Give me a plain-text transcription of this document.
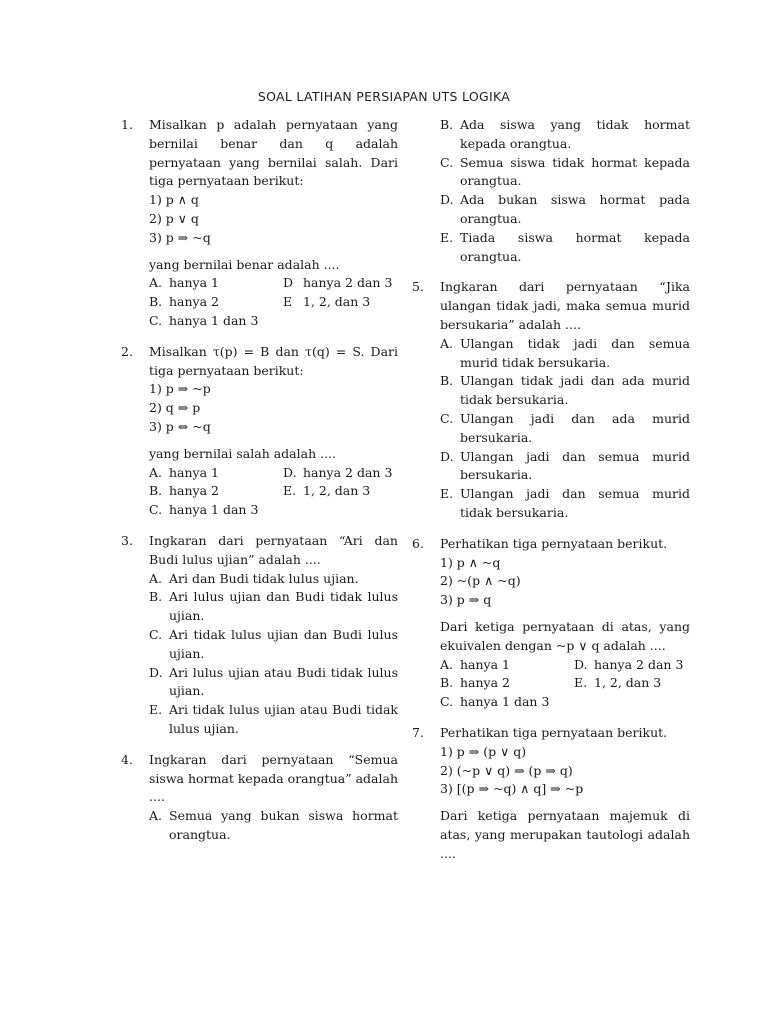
SOAL LATIHAN PERSIAPAN UTS LOGIKA
1. Misalkan p adalah pernyataan yang bernilai benar dan q adalah pernyataan yang bernilai salah. Dari tiga pernyataan berikut:
1) p ∧ q
2) p ∨ q
3) p ⇒ ~q
yang bernilai benar adalah ....
A. hanya 1	D hanya 2 dan 3
B. hanya 2	E 1, 2, dan 3
C. hanya 1 dan 3
2. Misalkan τ(p) = B dan τ(q) = S. Dari tiga pernyataan berikut:
1) p ⇒ ~p
2) q ⇒ p
3) p ⇔ ~q
yang bernilai salah adalah ....
A. hanya 1	D. hanya 2 dan 3
B. hanya 2	E. 1, 2, dan 3
C. hanya 1 dan 3
3. Ingkaran dari pernyataan “Ari dan Budi lulus ujian” adalah ....
A. Ari dan Budi tidak lulus ujian.
B. Ari lulus ujian dan Budi tidak lulus ujian.
C. Ari tidak lulus ujian dan Budi lulus ujian.
D. Ari lulus ujian atau Budi tidak lulus ujian.
E. Ari tidak lulus ujian atau Budi tidak lulus ujian.
4. Ingkaran dari pernyataan “Semua siswa hormat kepada orangtua” adalah ....
A. Semua yang bukan siswa hormat orangtua.
B. Ada siswa yang tidak hormat kepada orangtua.
C. Semua siswa tidak hormat kepada orangtua.
D. Ada bukan siswa hormat pada orangtua.
E. Tiada siswa hormat kepada orangtua.
5. Ingkaran dari pernyataan “Jika ulangan tidak jadi, maka semua murid bersukaria” adalah ....
A. Ulangan tidak jadi dan semua murid tidak bersukaria.
B. Ulangan tidak jadi dan ada murid tidak bersukaria.
C. Ulangan jadi dan ada murid bersukaria.
D. Ulangan jadi dan semua murid bersukaria.
E. Ulangan jadi dan semua murid tidak bersukaria.
6. Perhatikan tiga pernyataan berikut.
1) p ∧ ~q
2) ~(p ∧ ~q)
3) p ⇒ q
Dari ketiga pernyataan di atas, yang ekuivalen dengan ~p ∨ q adalah ....
A. hanya 1	D. hanya 2 dan 3
B. hanya 2	E. 1, 2, dan 3
C. hanya 1 dan 3
7. Perhatikan tiga pernyataan berikut.
1) p ⇒ (p ∨ q)
2) (~p ∨ q) ⇒ (p ⇒ q)
3) [(p ⇒ ~q) ∧ q] ⇒ ~p
Dari ketiga pernyataan majemuk di atas, yang merupakan tautologi adalah ....
